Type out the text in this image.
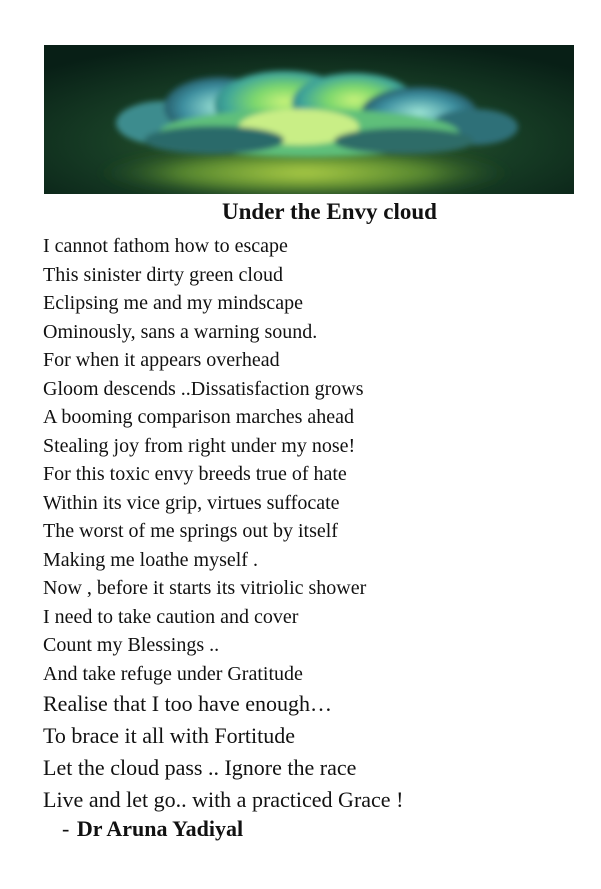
Under the Envy cloud
I cannot fathom how to escape
This sinister dirty green cloud
Eclipsing me and my mindscape
Ominously, sans a warning sound.
For when it appears overhead
Gloom descends ..Dissatisfaction grows
A booming comparison marches ahead
Stealing joy from right under my nose!
For this toxic envy breeds true of hate
Within its vice grip, virtues suffocate
The worst of me springs out by itself
Making me loathe myself .
Now , before it starts its vitriolic shower
I need to take caution and cover
Count my Blessings ..
And take refuge under Gratitude
Realise that I too have enough…
To brace it all with Fortitude
Let the cloud pass .. Ignore the race
Live and let go.. with a practiced Grace !
- Dr Aruna Yadiyal
